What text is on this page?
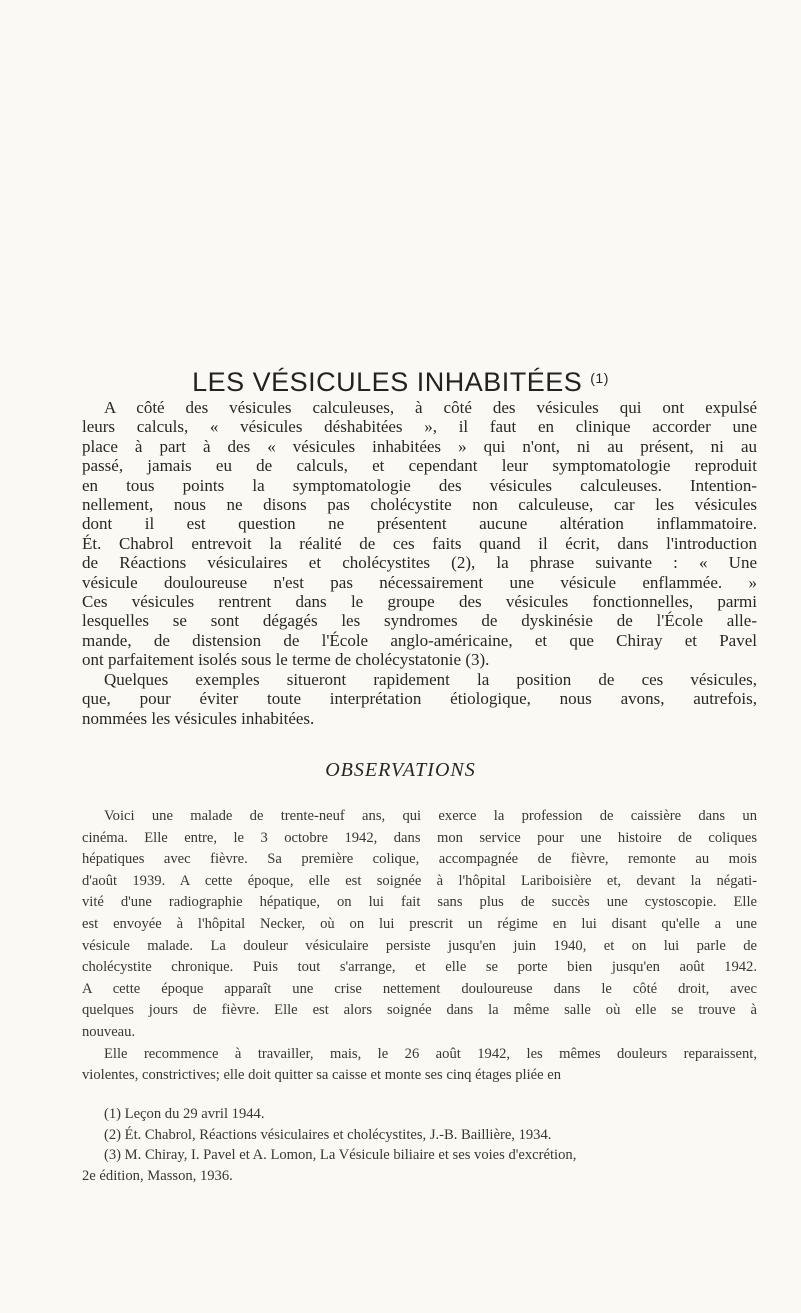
LES VÉSICULES INHABITÉES $^{(1)}$
A côté des vésicules calculeuses, à côté des vésicules qui ont expulsé
leurs calculs, « vésicules déshabitées », il faut en clinique accorder une
place à part à des « vésicules inhabitées » qui n'ont, ni au présent, ni au
passé, jamais eu de calculs, et cependant leur symptomatologie reproduit
en tous points la symptomatologie des vésicules calculeuses. Intention-
nellement, nous ne disons pas cholécystite non calculeuse, car les vésicules
dont il est question ne présentent aucune altération inflammatoire.
Ét. Chabrol entrevoit la réalité de ces faits quand il écrit, dans l'introduction
de Réactions vésiculaires et cholécystites (2), la phrase suivante : « Une
vésicule douloureuse n'est pas nécessairement une vésicule enflammée. »
Ces vésicules rentrent dans le groupe des vésicules fonctionnelles, parmi
lesquelles se sont dégagés les syndromes de dyskinésie de l'École alle-
mande, de distension de l'École anglo-américaine, et que Chiray et Pavel
ont parfaitement isolés sous le terme de cholécystatonie (3).
Quelques exemples situeront rapidement la position de ces vésicules,
que, pour éviter toute interprétation étiologique, nous avons, autrefois,
nommées les vésicules inhabitées.
OBSERVATIONS
Voici une malade de trente-neuf ans, qui exerce la profession de caissière dans un
cinéma. Elle entre, le 3 octobre 1942, dans mon service pour une histoire de coliques
hépatiques avec fièvre. Sa première colique, accompagnée de fièvre, remonte au mois
d'août 1939. A cette époque, elle est soignée à l'hôpital Lariboisière et, devant la négati-
vité d'une radiographie hépatique, on lui fait sans plus de succès une cystoscopie. Elle
est envoyée à l'hôpital Necker, où on lui prescrit un régime en lui disant qu'elle a une
vésicule malade. La douleur vésiculaire persiste jusqu'en juin 1940, et on lui parle de
cholécystite chronique. Puis tout s'arrange, et elle se porte bien jusqu'en août 1942.
A cette époque apparaît une crise nettement douloureuse dans le côté droit, avec
quelques jours de fièvre. Elle est alors soignée dans la même salle où elle se trouve à
nouveau.
Elle recommence à travailler, mais, le 26 août 1942, les mêmes douleurs reparaissent,
violentes, constrictives; elle doit quitter sa caisse et monte ses cinq étages pliée en
(1) Leçon du 29 avril 1944.
(2) Ét. Chabrol, Réactions vésiculaires et cholécystites, J.-B. Baillière, 1934.
(3) M. Chiray, I. Pavel et A. Lomon, La Vésicule biliaire et ses voies d'excrétion,
2e édition, Masson, 1936.
